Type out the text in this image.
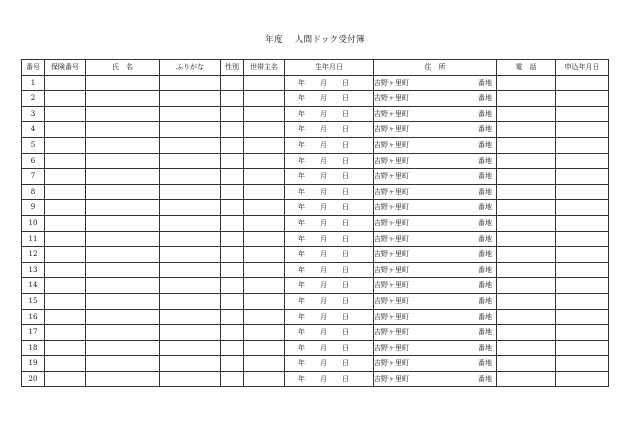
年度 人間ドック受付簿
番号	保険番号	氏　名	ふりがな	性別	世帯主名	生年月日	住　所	電　話	申込年月日
1						年 月 日	吉野ヶ里町 番地		

2						年 月 日	吉野ヶ里町 番地		

3						年 月 日	吉野ヶ里町 番地		

4						年 月 日	吉野ヶ里町 番地		

5						年 月 日	吉野ヶ里町 番地		

6						年 月 日	吉野ヶ里町 番地		

7						年 月 日	吉野ヶ里町 番地		

8						年 月 日	吉野ヶ里町 番地		

9						年 月 日	吉野ヶ里町 番地		

10						年 月 日	吉野ヶ里町 番地		

11						年 月 日	吉野ヶ里町 番地		

12						年 月 日	吉野ヶ里町 番地		

13						年 月 日	吉野ヶ里町 番地		

14						年 月 日	吉野ヶ里町 番地		

15						年 月 日	吉野ヶ里町 番地		

16						年 月 日	吉野ヶ里町 番地		

17						年 月 日	吉野ヶ里町 番地		

18						年 月 日	吉野ヶ里町 番地		

19						年 月 日	吉野ヶ里町 番地		

20						年 月 日	吉野ヶ里町 番地		
